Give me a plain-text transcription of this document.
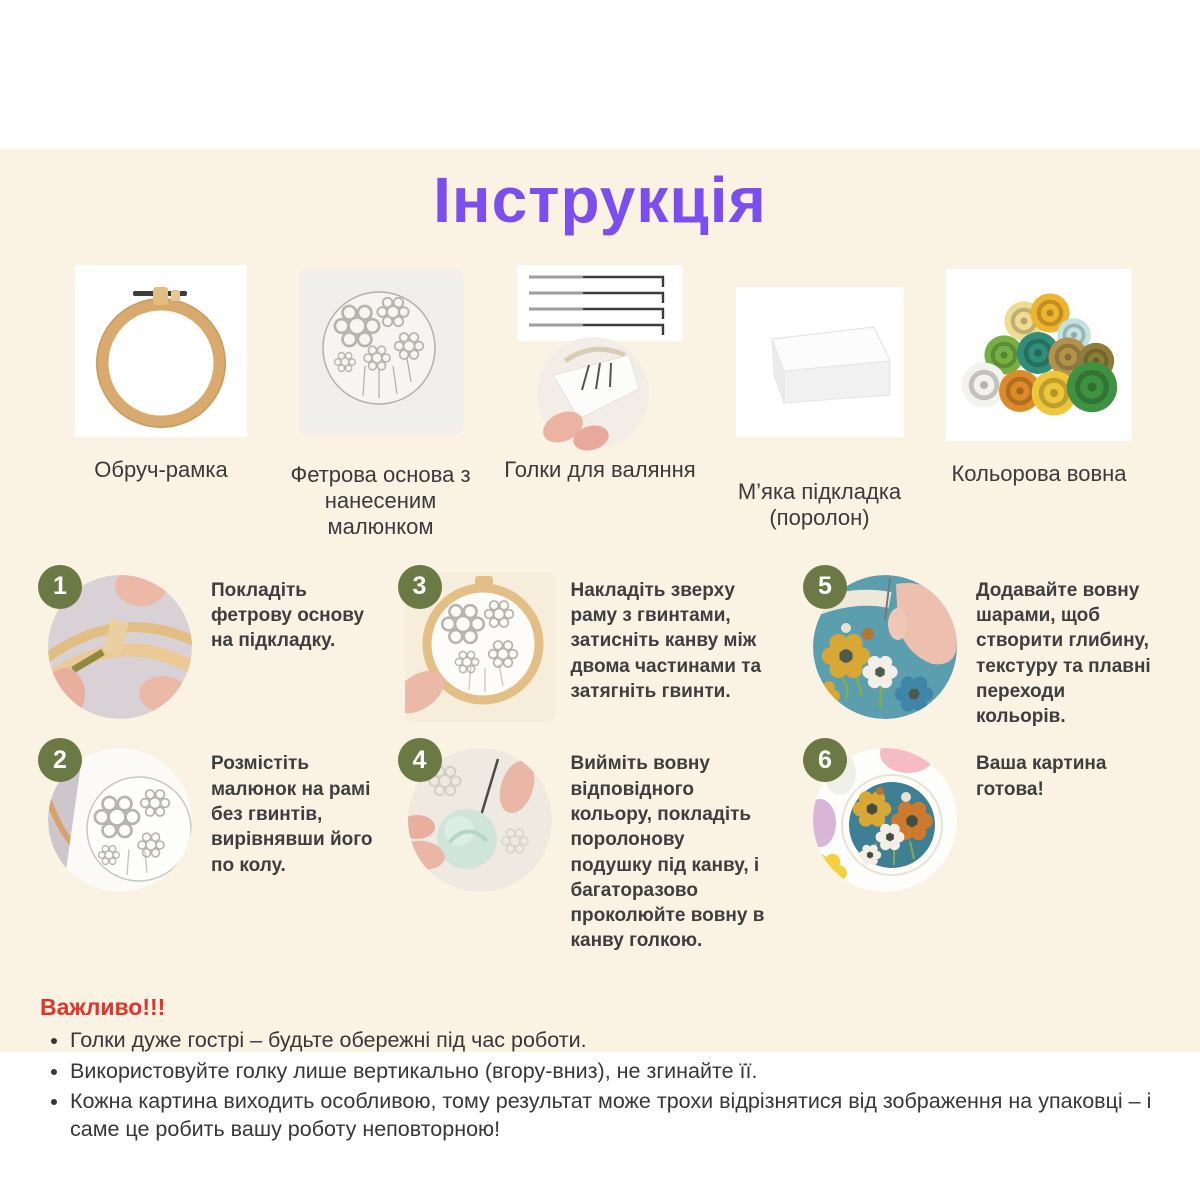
Інструкція
Обруч-рамка	Фетрова основа з нанесеним малюнком
Голки для валяння
М’яка підкладка (поролон)
Кольорова вовна
1	Покладіть фетрову основу на підкладку.

3	Накладіть зверху раму з гвинтами, затисніть канву між двома частинами та затягніть гвинти.

5	Додавайте вовну шарами, щоб створити глибину, текстуру та плавні переходи кольорів.

2	Розмістіть малюнок на рамі без гвинтів, вирівнявши його по колу.

4	Вийміть вовну відповідного кольору, покладіть поролонову подушку під канву, і багаторазово проколюйте вовну в канву голкою.

6	Ваша картина готова!

Важливо!!!

• Голки дуже гострі – будьте обережні під час роботи.
• Використовуйте голку лише вертикально (вгору-вниз), не згинайте її.
• Кожна картина виходить особливою, тому результат може трохи відрізнятися від зображення на упаковці – і саме це робить вашу роботу неповторною!
